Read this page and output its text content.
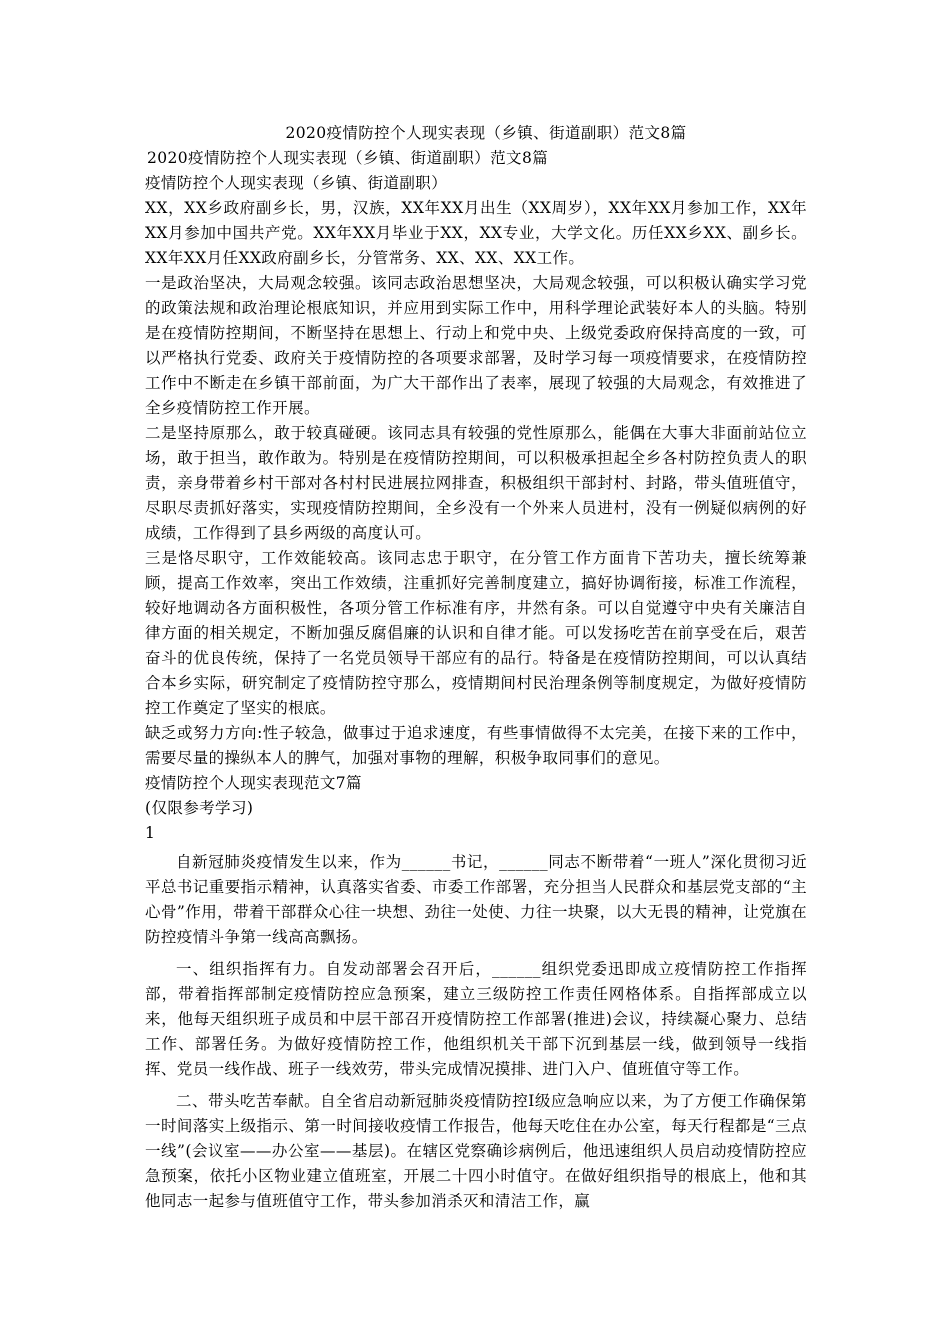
2020疫情防控个人现实表现（乡镇、街道副职）范文8篇

2020疫情防控个人现实表现（乡镇、街道副职）范文8篇

疫情防控个人现实表现（乡镇、街道副职）

XX，XX乡政府副乡长，男，汉族，XX年XX月出生（XX周岁），XX年XX月参加工作，XX年XX月参加中国共产党。XX年XX月毕业于XX，XX专业，大学文化。历任XX乡XX、副乡长。XX年XX月任XX政府副乡长，分管常务、XX、XX、XX工作。

一是政治坚决，大局观念较强。该同志政治思想坚决，大局观念较强，可以积极认确实学习党的政策法规和政治理论根底知识，并应用到实际工作中，用科学理论武装好本人的头脑。特别是在疫情防控期间，不断坚持在思想上、行动上和党中央、上级党委政府保持高度的一致，可以严格执行党委、政府关于疫情防控的各项要求部署，及时学习每一项疫情要求，在疫情防控工作中不断走在乡镇干部前面，为广大干部作出了表率，展现了较强的大局观念，有效推进了全乡疫情防控工作开展。

二是坚持原那么，敢于较真碰硬。该同志具有较强的党性原那么，能偶在大事大非面前站位立场，敢于担当，敢作敢为。特别是在疫情防控期间，可以积极承担起全乡各村防控负责人的职责，亲身带着乡村干部对各村村民进展拉网排查，积极组织干部封村、封路，带头值班值守，尽职尽责抓好落实，实现疫情防控期间，全乡没有一个外来人员进村，没有一例疑似病例的好成绩，工作得到了县乡两级的高度认可。

三是恪尽职守，工作效能较高。该同志忠于职守，在分管工作方面肯下苦功夫，擅长统筹兼顾，提高工作效率，突出工作效绩，注重抓好完善制度建立，搞好协调衔接，标准工作流程，较好地调动各方面积极性，各项分管工作标准有序，井然有条。可以自觉遵守中央有关廉洁自律方面的相关规定，不断加强反腐倡廉的认识和自律才能。可以发扬吃苦在前享受在后，艰苦奋斗的优良传统，保持了一名党员领导干部应有的品行。特备是在疫情防控期间，可以认真结合本乡实际，研究制定了疫情防控守那么，疫情期间村民治理条例等制度规定，为做好疫情防控工作奠定了坚实的根底。

缺乏或努力方向:性子较急，做事过于追求速度，有些事情做得不太完美，在接下来的工作中，需要尽量的操纵本人的脾气，加强对事物的理解，积极争取同事们的意见。

疫情防控个人现实表现范文7篇

(仅限参考学习)

1

自新冠肺炎疫情发生以来，作为______书记，______同志不断带着“一班人”深化贯彻习近平总书记重要指示精神，认真落实省委、市委工作部署，充分担当人民群众和基层党支部的“主心骨”作用，带着干部群众心往一块想、劲往一处使、力往一块聚，以大无畏的精神，让党旗在防控疫情斗争第一线高高飘扬。

一、组织指挥有力。自发动部署会召开后，______组织党委迅即成立疫情防控工作指挥部，带着指挥部制定疫情防控应急预案，建立三级防控工作责任网格体系。自指挥部成立以来，他每天组织班子成员和中层干部召开疫情防控工作部署(推进)会议，持续凝心聚力、总结工作、部署任务。为做好疫情防控工作，他组织机关干部下沉到基层一线，做到领导一线指挥、党员一线作战、班子一线效劳，带头完成情况摸排、进门入户、值班值守等工作。

二、带头吃苦奉献。自全省启动新冠肺炎疫情防控Ⅰ级应急响应以来，为了方便工作确保第一时间落实上级指示、第一时间接收疫情工作报告，他每天吃住在办公室，每天行程都是“三点一线”(会议室——办公室——基层)。在辖区党察确诊病例后，他迅速组织人员启动疫情防控应急预案，依托小区物业建立值班室，开展二十四小时值守。在做好组织指导的根底上，他和其他同志一起参与值班值守工作，带头参加消杀灭和清洁工作，赢
